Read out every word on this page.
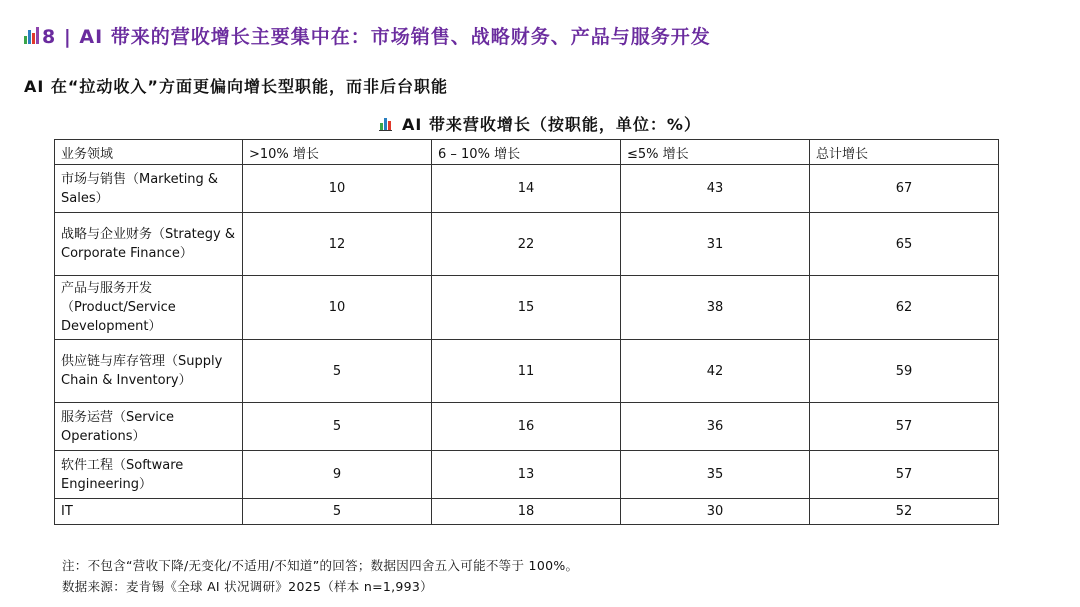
8 | AI 带来的营收增长主要集中在：市场销售、战略财务、产品与服务开发
AI 在“拉动收入”方面更偏向增长型职能，而非后台职能
AI 带来营收增长（按职能，单位：%）
业务领域	>10% 增长	6 – 10% 增长	≤5% 增长	总计增长
市场与销售（Marketing & Sales）	10	14	43	67
战略与企业财务（Strategy & Corporate Finance）	12	22	31	65
产品与服务开发（Product/Service Development）	10	15	38	62
供应链与库存管理（Supply Chain & Inventory）	5	11	42	59
服务运营（Service Operations）	5	16	36	57
软件工程（Software Engineering）	9	13	35	57
IT	5	18	30	52
注：不包含“营收下降/无变化/不适用/不知道”的回答；数据因四舍五入可能不等于 100%。
数据来源：麦肯锡《全球 AI 状况调研》2025（样本 n=1,993）
